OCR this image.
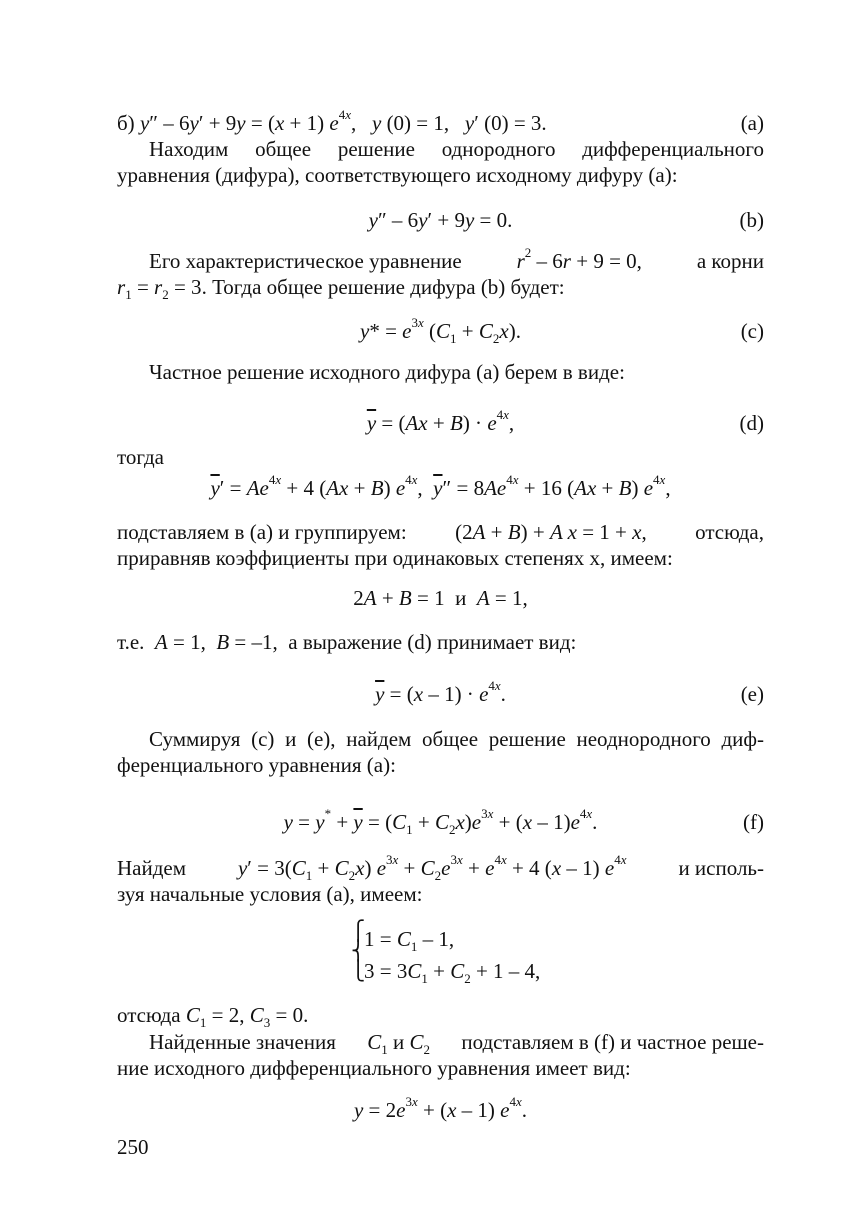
б) y″ – 6y′ + 9y = (x + 1) $e^{4x}$,   y (0) = 1,   y′ (0) = 3.	(a)
Находим общее решение однородного дифференциального
уравнения (дифура), соответствующего исходному дифуру (а):
y″ – 6y′ + 9y = 0.	(b)
Его характеристическое уравнение	$r^2 - 6r + 9 = 0$,	а корни
$r_1 = r_2 = 3$. Тогда общее решение дифура (b) будет:
$y* = e^{3x}$ $(C_1 + C_2x)$.	(c)
Частное решение исходного дифура (а) берем в виде:
$\overline{y} = (Ax + B) \cdot e^{4x}$,	(d)
тогда
$\overline{y}' = Ae^{4x} + 4$ (Ax + B) $e^{4x}$,  $\overline{y}'' = 8Ae^{4x} + 16$ (Ax + B) $e^{4x}$,
подставляем в (а) и группируем: (2A + B) + A x = 1 + x, отсюда,
приравняв коэффициенты при одинаковых степенях x, имеем:
2A + B = 1  и A = 1,
т.е. A = 1,  B = –1,  а выражение (d) принимает вид:
$\overline{y} = (x - 1) \cdot e^{4x}$.	(e)
Суммируя (с) и (е), найдем общее решение неоднородного диф-
ференциального уравнения (а):
$y = y^* + \overline{y} = (C_1 + C_2x)e^{3x} + (x - 1)e^{4x}$.	(f)
Найдем $y' = 3(C_1 + C_2x) e^{3x} + C_2e^{3x} + e^{4x} + 4$ (x – 1) $e^{4x}$ и исполь-
зуя начальные условия (а), имеем:
⎧
⎨
⎩
$1 = C_1 - 1$,
$3 = 3C_1 + C_2 + 1 - 4$,
отсюда $C_1 = 2$, $C_3 = 0$.
Найденные значения $C_1$ и $C_2$ подставляем в (f) и частное реше-
ние исходного дифференциального уравнения имеет вид:
$y = 2e^{3x} + (x - 1)$ $e^{4x}$.
250
